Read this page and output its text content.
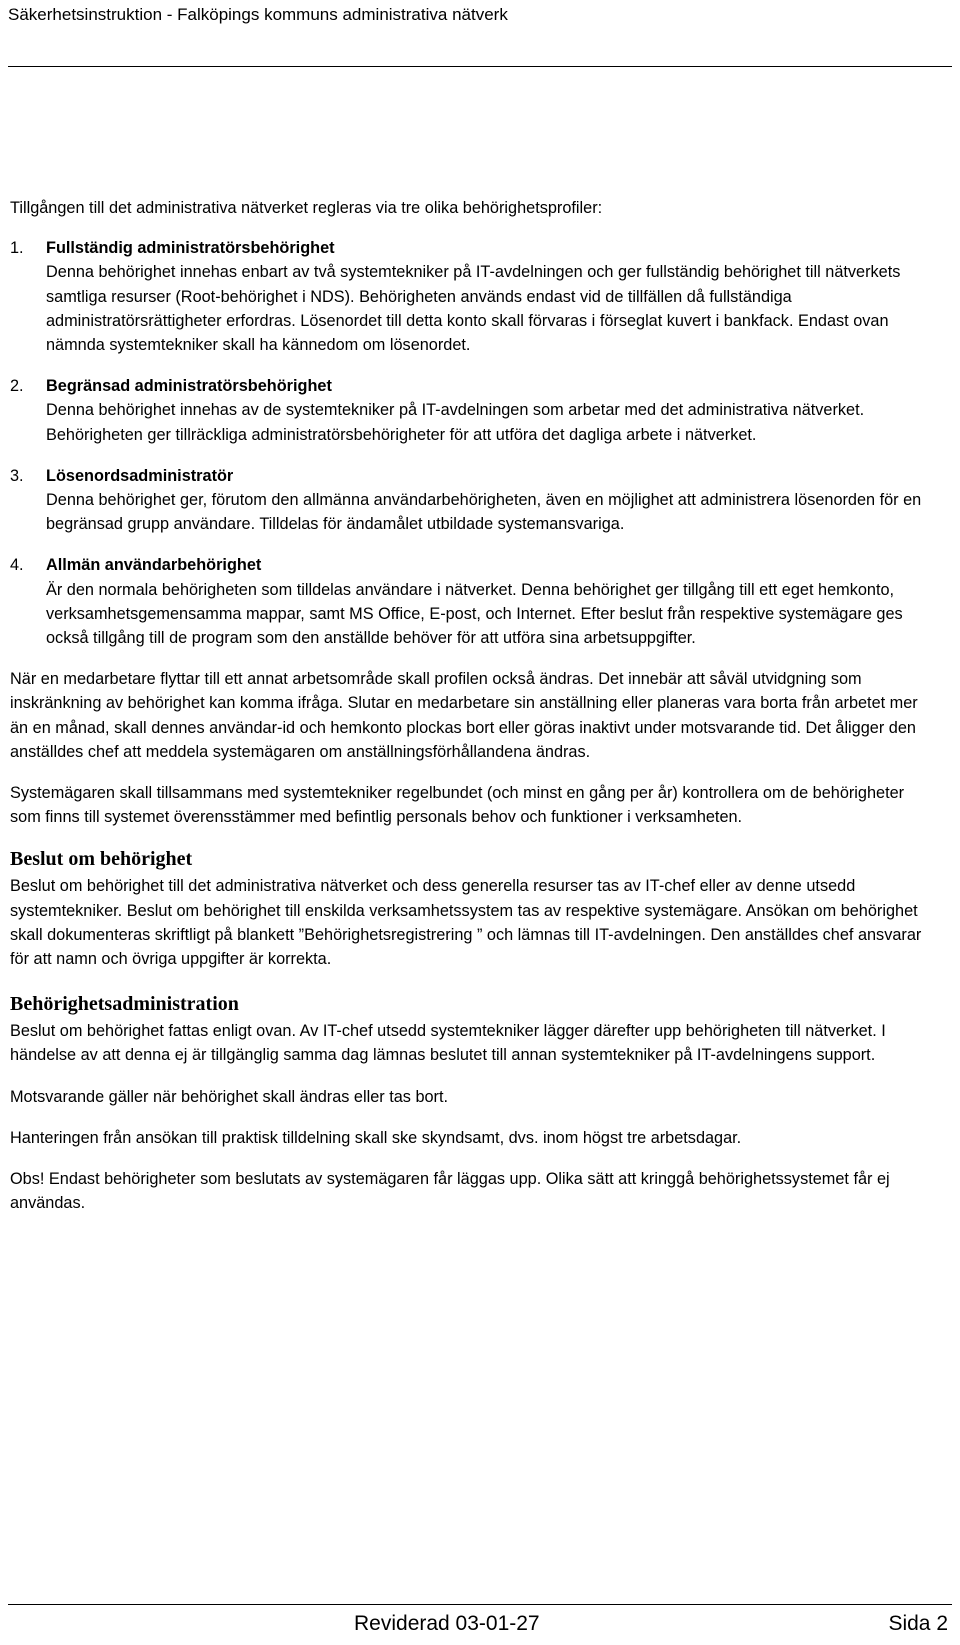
Säkerhetsinstruktion - Falköpings kommuns administrativa nätverk

Tillgången till det administrativa nätverket regleras via tre olika behörighetsprofiler:

1.	Fullständig administratörsbehörighet
Denna behörighet innehas enbart av två systemtekniker på IT-avdelningen och ger fullständig behörighet till nätverkets samtliga resurser (Root-behörighet i NDS). Behörigheten används endast vid de tillfällen då fullständiga administratörsrättigheter erfordras. Lösenordet till detta konto skall förvaras i förseglat kuvert i bankfack. Endast ovan nämnda systemtekniker skall ha kännedom om lösenordet.
2.	Begränsad administratörsbehörighet
Denna behörighet innehas av de systemtekniker på IT-avdelningen som arbetar med det administrativa nätverket. Behörigheten ger tillräckliga administratörsbehörigheter för att utföra det dagliga arbete i nätverket.
3.	Lösenordsadministratör
Denna behörighet ger, förutom den allmänna användarbehörigheten, även en möjlighet att administrera lösenorden för en begränsad grupp användare. Tilldelas för ändamålet utbildade systemansvariga.
4.	Allmän användarbehörighet
Är den normala behörigheten som tilldelas användare i nätverket. Denna behörighet ger tillgång till ett eget hemkonto, verksamhetsgemensamma mappar, samt MS Office, E-post, och Internet. Efter beslut från respektive systemägare ges också tillgång till de program som den anställde behöver för att utföra sina arbetsuppgifter.

När en medarbetare flyttar till ett annat arbetsområde skall profilen också ändras. Det innebär att såväl utvidgning som inskränkning av behörighet kan komma ifråga. Slutar en medarbetare sin anställning eller planeras vara borta från arbetet mer än en månad, skall dennes användar-id och hemkonto plockas bort eller göras inaktivt under motsvarande tid. Det åligger den anställdes chef att meddela systemägaren om anställningsförhållandena ändras.

Systemägaren skall tillsammans med systemtekniker regelbundet (och minst en gång per år) kontrollera om de behörigheter som finns till systemet överensstämmer med befintlig personals behov och funktioner i verksamheten.

Beslut om behörighet

Beslut om behörighet till det administrativa nätverket och dess generella resurser tas av IT-chef eller av denne utsedd systemtekniker. Beslut om behörighet till enskilda verksamhetssystem tas av respektive systemägare. Ansökan om behörighet skall dokumenteras skriftligt på blankett ”Behörighetsregistrering ” och lämnas till IT-avdelningen. Den anställdes chef ansvarar för att namn och övriga uppgifter är korrekta.

Behörighetsadministration

Beslut om behörighet fattas enligt ovan. Av IT-chef utsedd systemtekniker lägger därefter upp behörigheten till nätverket. I händelse av att denna ej är tillgänglig samma dag lämnas beslutet till annan systemtekniker på IT-avdelningens support.

Motsvarande gäller när behörighet skall ändras eller tas bort.

Hanteringen från ansökan till praktisk tilldelning skall ske skyndsamt, dvs. inom högst tre arbetsdagar.

Obs! Endast behörigheter som beslutats av systemägaren får läggas upp. Olika sätt att kringgå behörighetssystemet får ej användas.

Reviderad 03-01-27	Sida 2
